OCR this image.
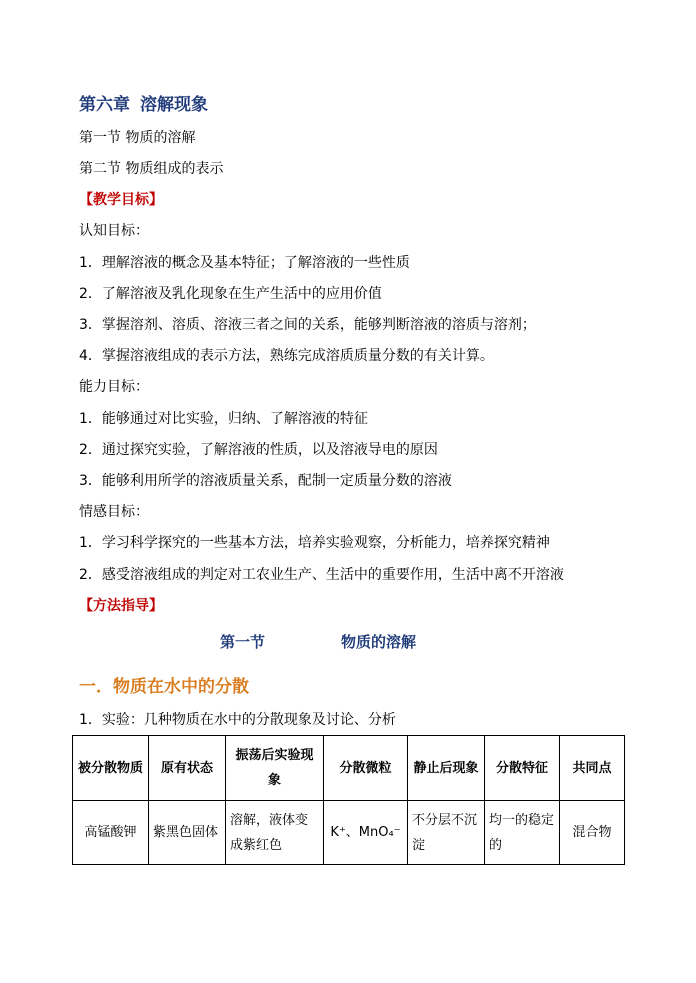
第六章 溶解现象
第一节 物质的溶解
第二节 物质组成的表示
【教学目标】
认知目标：
1．理解溶液的概念及基本特征；了解溶液的一些性质
2．了解溶液及乳化现象在生产生活中的应用价值
3．掌握溶剂、溶质、溶液三者之间的关系，能够判断溶液的溶质与溶剂；
4．掌握溶液组成的表示方法，熟练完成溶质质量分数的有关计算。
能力目标：
1．能够通过对比实验，归纳、了解溶液的特征
2．通过探究实验，了解溶液的性质，以及溶液导电的原因
3．能够利用所学的溶液质量关系，配制一定质量分数的溶液
情感目标：
1．学习科学探究的一些基本方法，培养实验观察，分析能力，培养探究精神
2．感受溶液组成的判定对工农业生产、生活中的重要作用，生活中离不开溶液
【方法指导】
第一节	物质的溶解
一．物质在水中的分散
1．实验：几种物质在水中的分散现象及讨论、分析
被分散物质	原有状态	振荡后实验现象	分散微粒	静止后现象	分散特征	共同点
高锰酸钾	紫黑色固体	溶解，液体变成紫红色	K⁺、MnO₄⁻	不分层不沉淀	均一的稳定的	混合物
